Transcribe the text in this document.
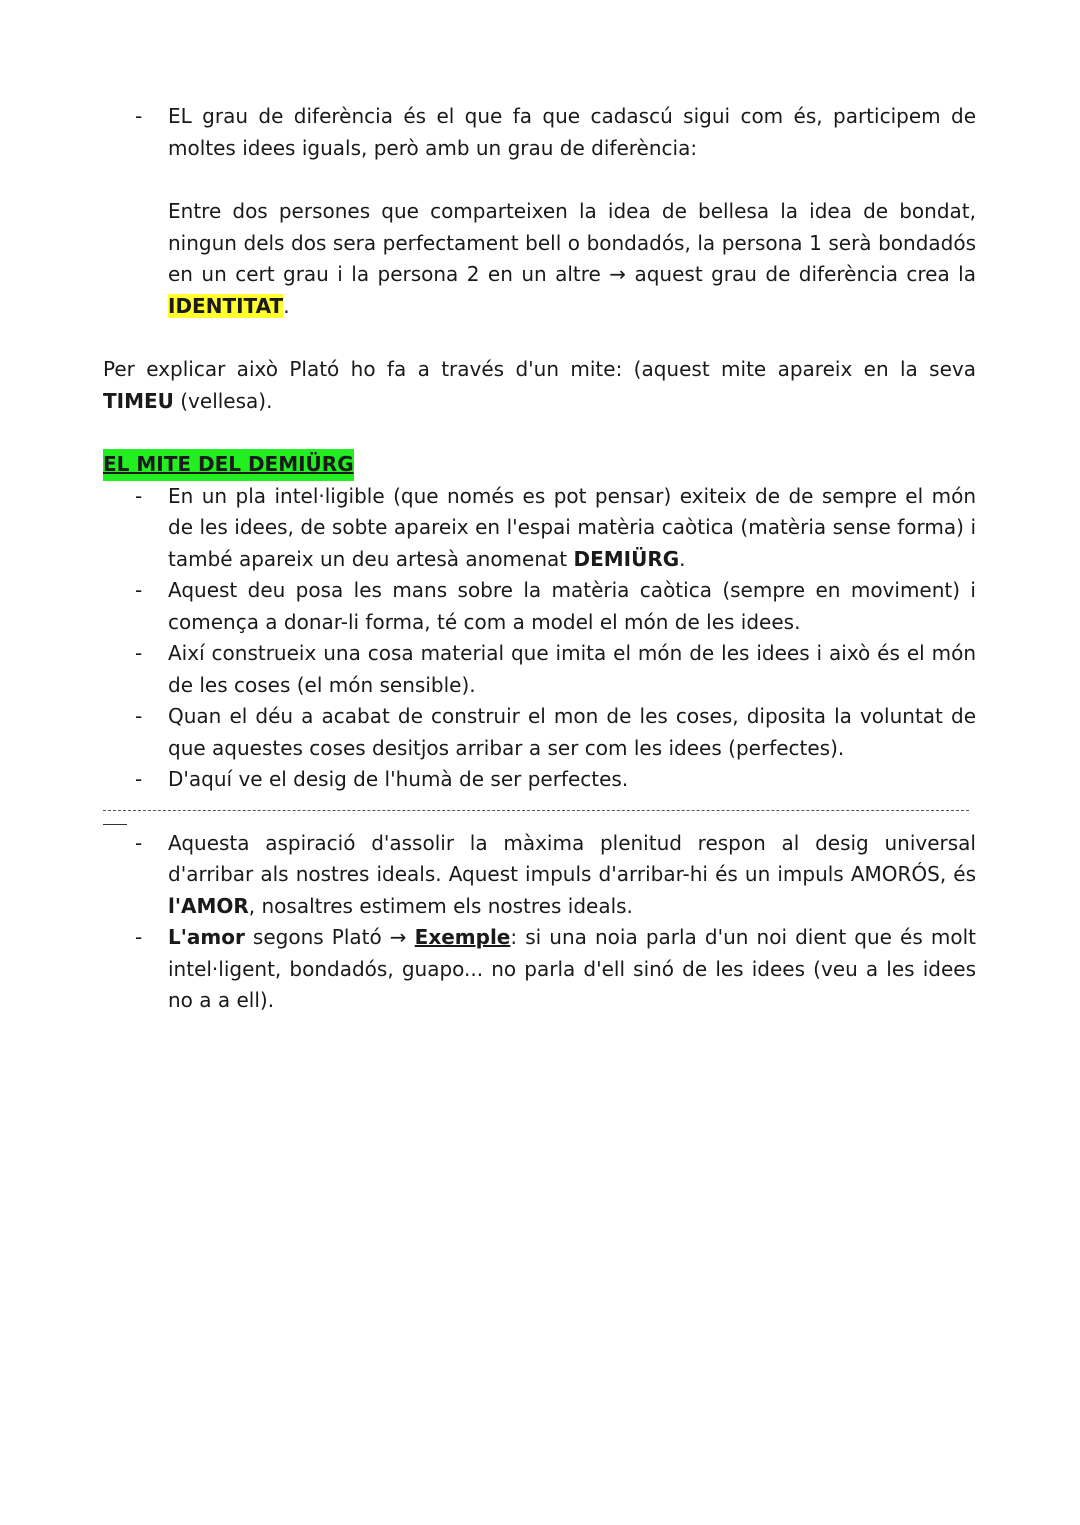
- EL grau de diferència és el que fa que cadascú sigui com és, participem de moltes idees iguals, però amb un grau de diferència:
Entre dos persones que comparteixen la idea de bellesa la idea de bondat, ningun dels dos sera perfectament bell o bondadós, la persona 1 serà bondadós en un cert grau i la persona 2 en un altre → aquest grau de diferència crea la IDENTITAT.
Per explicar això Plató ho fa a través d'un mite: (aquest mite apareix en la seva TIMEU (vellesa).
EL MITE DEL DEMIÜRG
- En un pla intel·ligible (que només es pot pensar) exiteix de de sempre el món de les idees, de sobte apareix en l'espai matèria caòtica (matèria sense forma) i també apareix un deu artesà anomenat DEMIÜRG.
- Aquest deu posa les mans sobre la matèria caòtica (sempre en moviment) i comença a donar-li forma, té com a model el món de les idees.
- Així construeix una cosa material que imita el món de les idees i això és el món de les coses (el món sensible).
- Quan el déu a acabat de construir el mon de les coses, diposita la voluntat de que aquestes coses desitjos arribar a ser com les idees (perfectes).
- D'aquí ve el desig de l'humà de ser perfectes.
- Aquesta aspiració d'assolir la màxima plenitud respon al desig universal d'arribar als nostres ideals. Aquest impuls d'arribar-hi és un impuls AMORÓS, és l'AMOR, nosaltres estimem els nostres ideals.
- L'amor segons Plató → Exemple: si una noia parla d'un noi dient que és molt intel·ligent, bondadós, guapo... no parla d'ell sinó de les idees (veu a les idees no a a ell).
